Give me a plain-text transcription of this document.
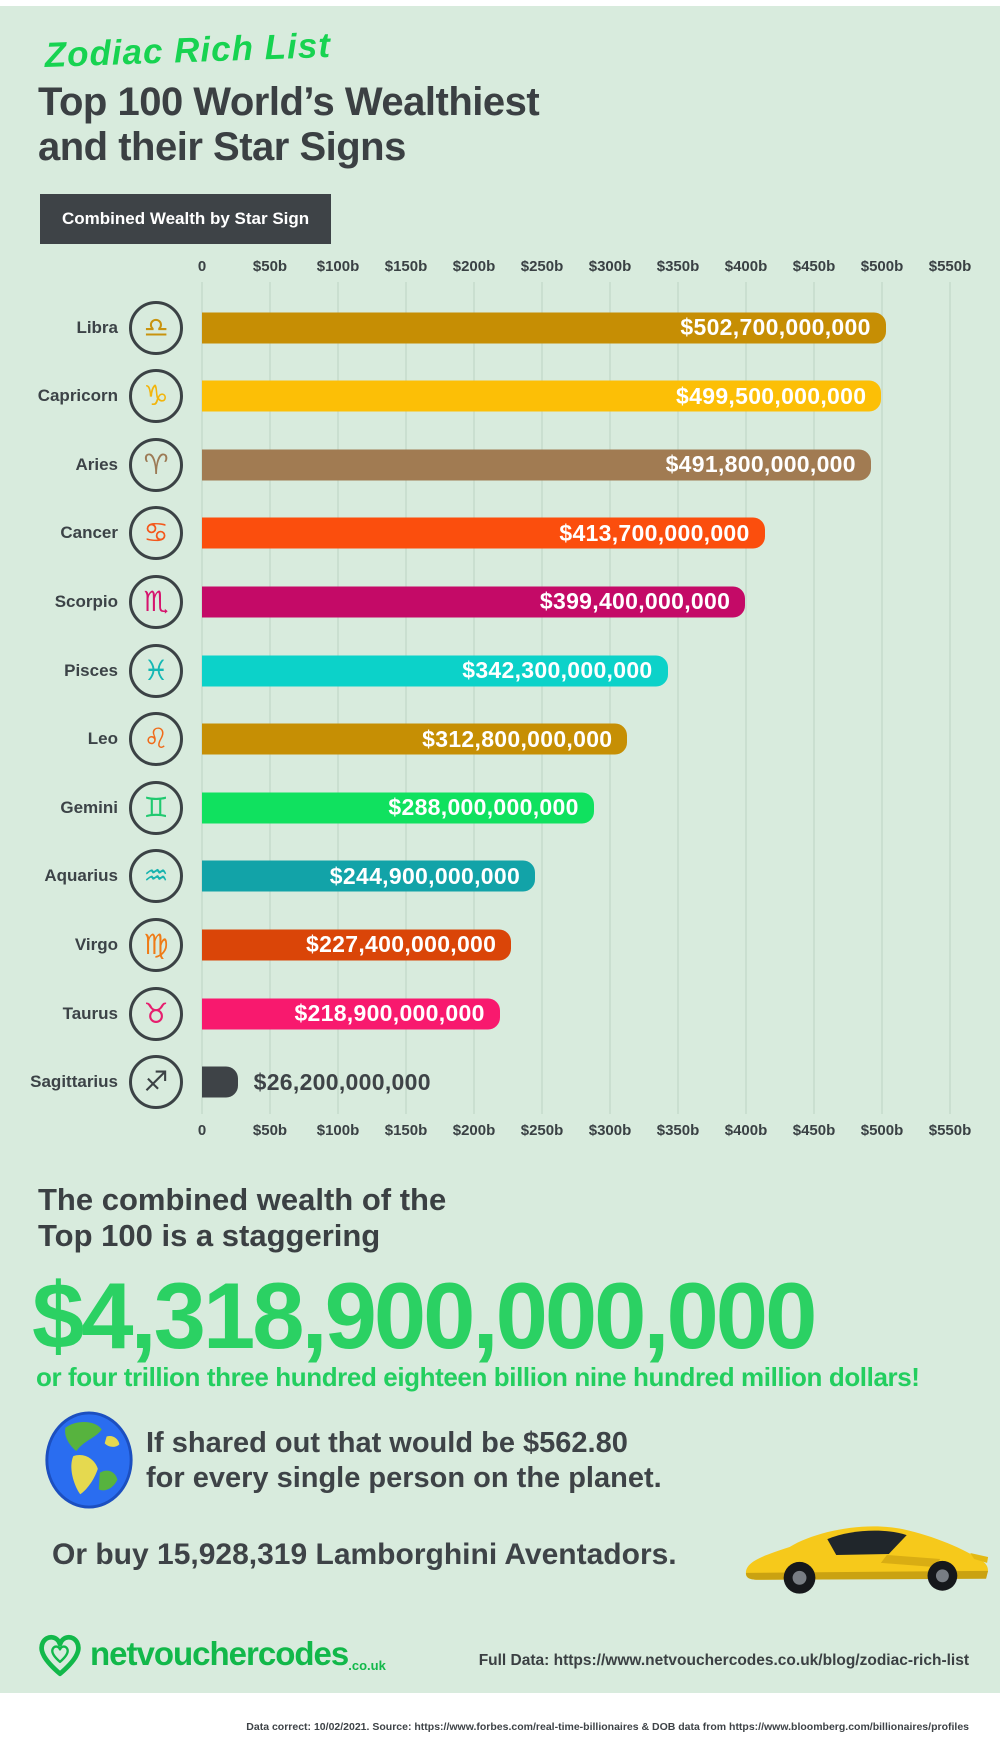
Zodiac Rich List
Top 100 World’s Wealthiest
and their Star Signs
Combined Wealth by Star Sign
0	$50b $100b $150b $200b $250b $300b $350b $400b $450b $500b $550b
Libra ♎	$502,700,000,000
Capricorn ♑	$499,500,000,000
Aries ♈	$491,800,000,000
Cancer ♋	$413,700,000,000
Scorpio ♏	$399,400,000,000
Pisces ♓	$342,300,000,000
Leo ♌	$312,800,000,000
Gemini ♊	$288,000,000,000
Aquarius ♒	$244,900,000,000
Virgo ♍	$227,400,000,000
Taurus ♉	$218,900,000,000
Sagittarius ♐	$26,200,000,000
0	$50b $100b $150b $200b $250b $300b $350b $400b $450b $500b $550b
The combined wealth of the
Top 100 is a staggering
$4,318,900,000,000
or four trillion three hundred eighteen billion nine hundred million dollars!
If shared out that would be $562.80
for every single person on the planet.
Or buy 15,928,319 Lamborghini Aventadors.
netvouchercodes .co.uk	Full Data: https://www.netvouchercodes.co.uk/blog/zodiac-rich-list
Data correct: 10/02/2021. Source: https://www.forbes.com/real-time-billionaires & DOB data from https://www.bloomberg.com/billionaires/profiles
